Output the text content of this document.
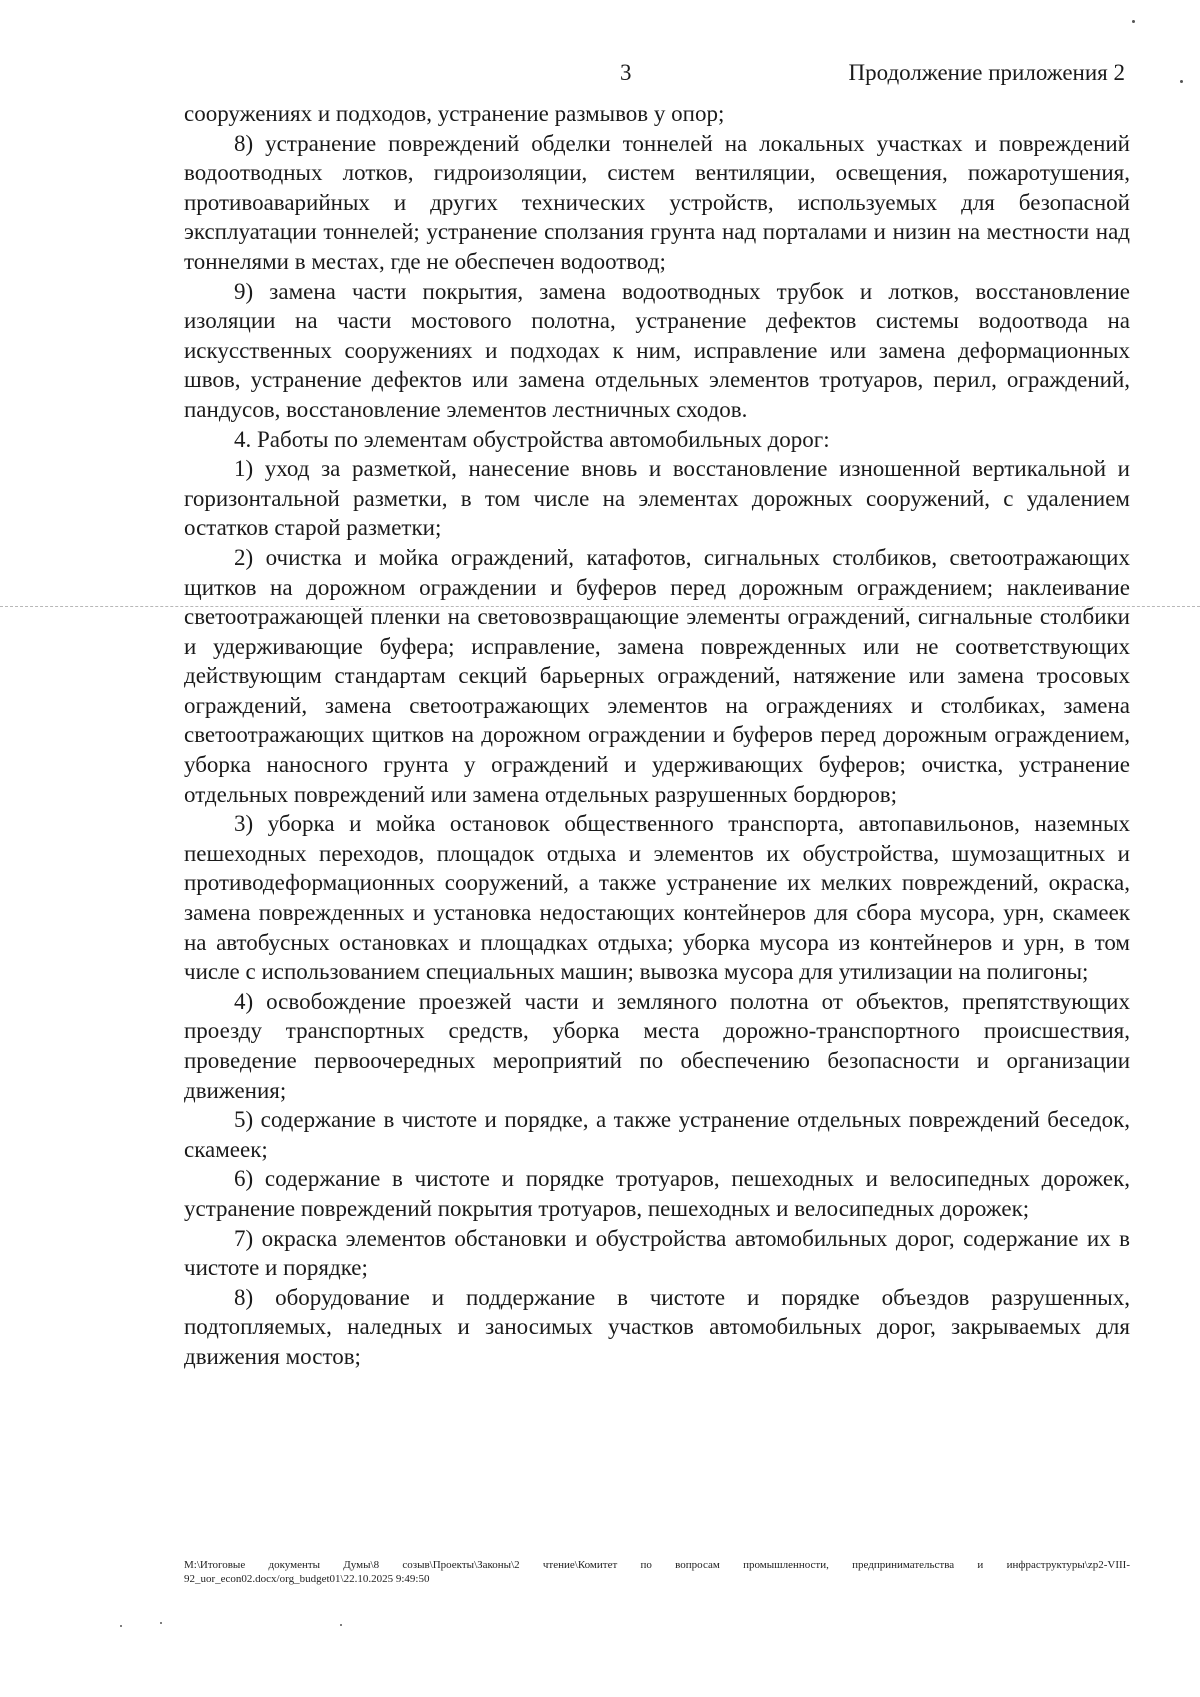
3	Продолжение приложения 2

сооружениях и подходов, устранение размывов у опор;

8) устранение повреждений обделки тоннелей на локальных участках и повреждений водоотводных лотков, гидроизоляции, систем вентиляции, освещения, пожаротушения, противоаварийных и других технических устройств, используемых для безопасной эксплуатации тоннелей; устранение сползания грунта над порталами и низин на местности над тоннелями в местах, где не обеспечен водоотвод;

9) замена части покрытия, замена водоотводных трубок и лотков, восстановление изоляции на части мостового полотна, устранение дефектов системы водоотвода на искусственных сооружениях и подходах к ним, исправление или замена деформационных швов, устранение дефектов или замена отдельных элементов тротуаров, перил, ограждений, пандусов, восстановление элементов лестничных сходов.

4. Работы по элементам обустройства автомобильных дорог:

1) уход за разметкой, нанесение вновь и восстановление изношенной вертикальной и горизонтальной разметки, в том числе на элементах дорожных сооружений, с удалением остатков старой разметки;

2) очистка и мойка ограждений, катафотов, сигнальных столбиков, светоотражающих щитков на дорожном ограждении и буферов перед дорожным ограждением; наклеивание светоотражающей пленки на световозвращающие элементы ограждений, сигнальные столбики и удерживающие буфера; исправление, замена поврежденных или не соответствующих действующим стандартам секций барьерных ограждений, натяжение или замена тросовых ограждений, замена светоотражающих элементов на ограждениях и столбиках, замена светоотражающих щитков на дорожном ограждении и буферов перед дорожным ограждением, уборка наносного грунта у ограждений и удерживающих буферов; очистка, устранение отдельных повреждений или замена отдельных разрушенных бордюров;

3) уборка и мойка остановок общественного транспорта, автопавильонов, наземных пешеходных переходов, площадок отдыха и элементов их обустройства, шумозащитных и противодеформационных сооружений, а также устранение их мелких повреждений, окраска, замена поврежденных и установка недостающих контейнеров для сбора мусора, урн, скамеек на автобусных остановках и площадках отдыха; уборка мусора из контейнеров и урн, в том числе с использованием специальных машин; вывозка мусора для утилизации на полигоны;

4) освобождение проезжей части и земляного полотна от объектов, препятствующих проезду транспортных средств, уборка места дорожно-транспортного происшествия, проведение первоочередных мероприятий по обеспечению безопасности и организации движения;

5) содержание в чистоте и порядке, а также устранение отдельных повреждений беседок, скамеек;

6) содержание в чистоте и порядке тротуаров, пешеходных и велосипедных дорожек, устранение повреждений покрытия тротуаров, пешеходных и велосипедных дорожек;

7) окраска элементов обстановки и обустройства автомобильных дорог, содержание их в чистоте и порядке;

8) оборудование и поддержание в чистоте и порядке объездов разрушенных, подтопляемых, наледных и заносимых участков автомобильных дорог, закрываемых для движения мостов;

M:\Итоговые документы Думы\8 созыв\Проекты\Законы\2 чтение\Комитет по вопросам промышленности, предпринимательства и инфраструктуры\zp2-VIII-92_uor_econ02.docx/org_budget01\22.10.2025 9:49:50
